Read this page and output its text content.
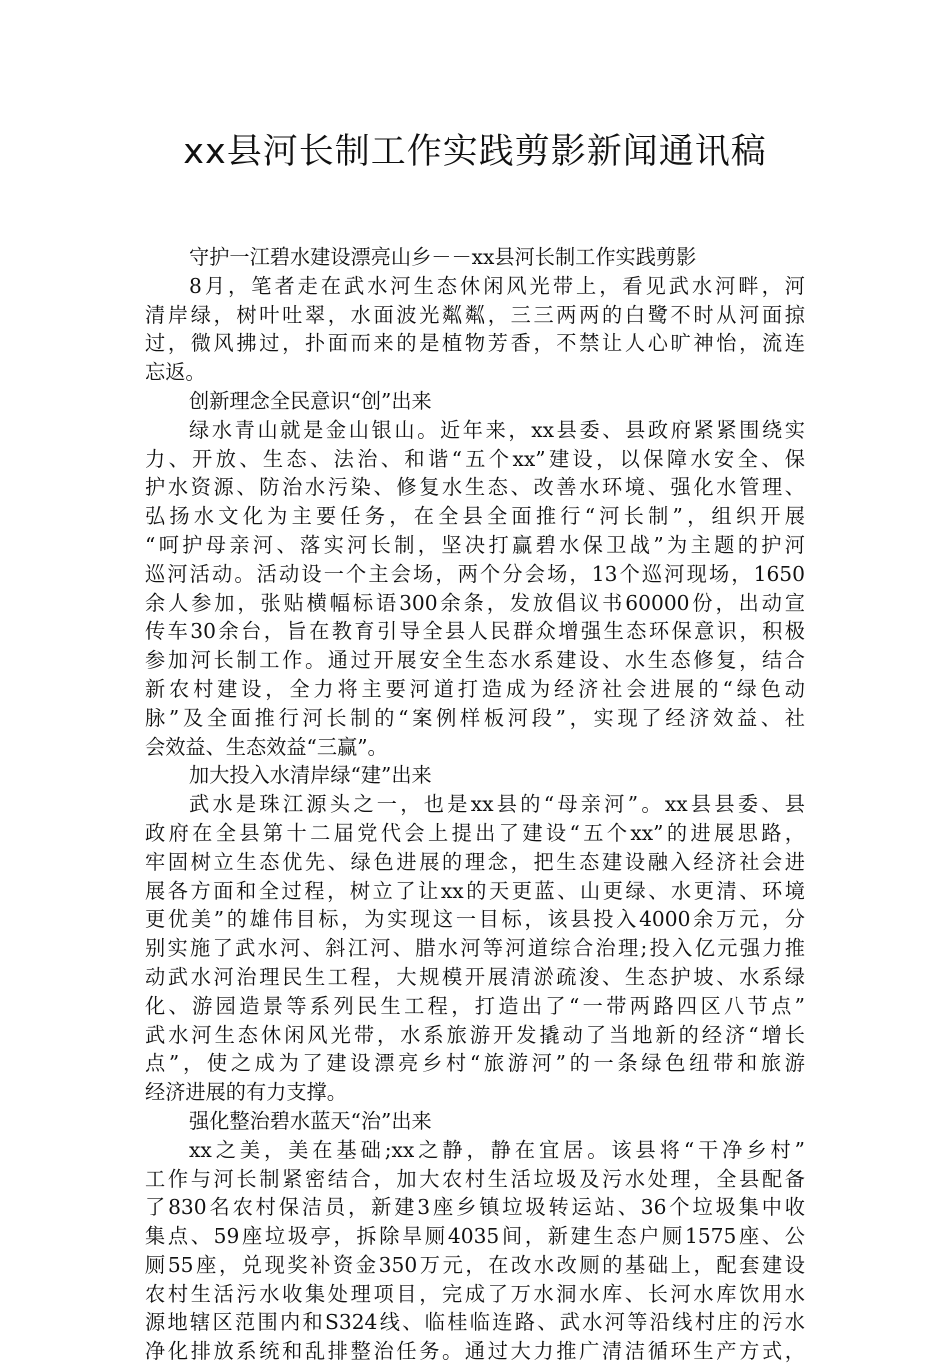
xx县河长制工作实践剪影新闻通讯稿
守护一江碧水建设漂亮山乡－－xx县河长制工作实践剪影
8月，笔者走在武水河生态休闲风光带上，看见武水河畔，河
清岸绿，树叶吐翠，水面波光粼粼，三三两两的白鹭不时从河面掠
过，微风拂过，扑面而来的是植物芳香，不禁让人心旷神怡，流连
忘返。
创新理念全民意识“创”出来
绿水青山就是金山银山。近年来，xx县委、县政府紧紧围绕实
力、开放、生态、法治、和谐“五个xx”建设，以保障水安全、保
护水资源、防治水污染、修复水生态、改善水环境、强化水管理、
弘扬水文化为主要任务，在全县全面推行“河长制”，组织开展
“呵护母亲河、落实河长制，坚决打赢碧水保卫战”为主题的护河
巡河活动。活动设一个主会场，两个分会场，13个巡河现场，1650
余人参加，张贴横幅标语300余条，发放倡议书60000份，出动宣
传车30余台，旨在教育引导全县人民群众增强生态环保意识，积极
参加河长制工作。通过开展安全生态水系建设、水生态修复，结合
新农村建设，全力将主要河道打造成为经济社会进展的“绿色动
脉”及全面推行河长制的“案例样板河段”，实现了经济效益、社
会效益、生态效益“三赢”。
加大投入水清岸绿“建”出来
武水是珠江源头之一，也是xx县的“母亲河”。xx县县委、县
政府在全县第十二届党代会上提出了建设“五个xx”的进展思路，
牢固树立生态优先、绿色进展的理念，把生态建设融入经济社会进
展各方面和全过程，树立了让xx的天更蓝、山更绿、水更清、环境
更优美”的雄伟目标，为实现这一目标，该县投入4000余万元，分
别实施了武水河、斜江河、腊水河等河道综合治理;投入亿元强力推
动武水河治理民生工程，大规模开展清淤疏浚、生态护坡、水系绿
化、游园造景等系列民生工程，打造出了“一带两路四区八节点”
武水河生态休闲风光带，水系旅游开发撬动了当地新的经济“增长
点”，使之成为了建设漂亮乡村“旅游河”的一条绿色纽带和旅游
经济进展的有力支撑。
强化整治碧水蓝天“治”出来
xx之美，美在基础;xx之静，静在宜居。该县将“干净乡村”
工作与河长制紧密结合，加大农村生活垃圾及污水处理，全县配备
了830名农村保洁员，新建3座乡镇垃圾转运站、36个垃圾集中收
集点、59座垃圾亭，拆除旱厕4035间，新建生态户厕1575座、公
厕55座，兑现奖补资金350万元，在改水改厕的基础上，配套建设
农村生活污水收集处理项目，完成了万水洞水库、长河水库饮用水
源地辖区范围内和S324线、临桂临连路、武水河等沿线村庄的污水
净化排放系统和乱排整治任务。通过大力推广清洁循环生产方式，
